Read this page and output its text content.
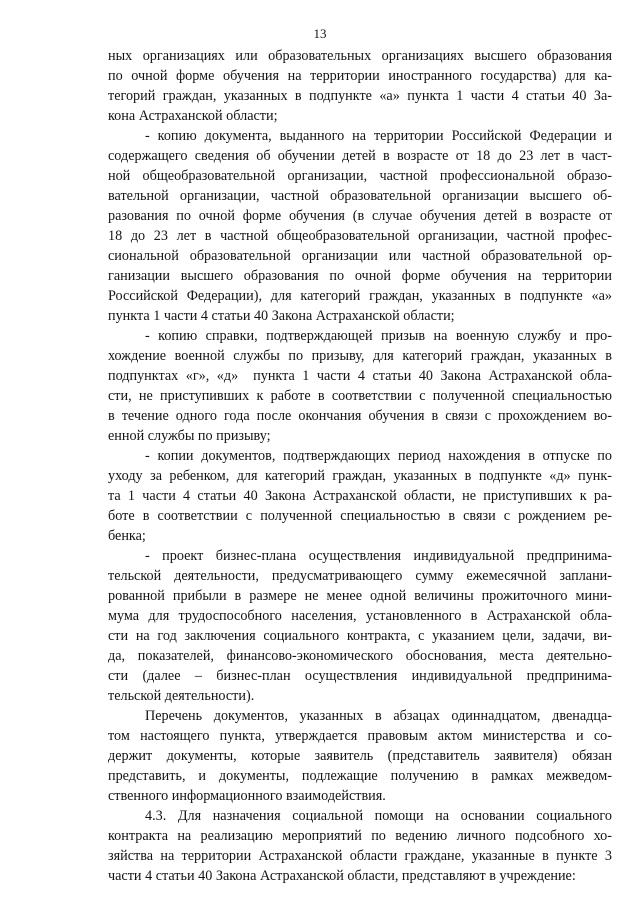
13
ных организациях или образовательных организациях высшего образования
по очной форме обучения на территории иностранного государства) для ка-
тегорий граждан, указанных в подпункте «а» пункта 1 части 4 статьи 40 За-
кона Астраханской области;
- копию документа, выданного на территории Российской Федерации и
содержащего сведения об обучении детей в возрасте от 18 до 23 лет в част-
ной общеобразовательной организации, частной профессиональной образо-
вательной организации, частной образовательной организации высшего об-
разования по очной форме обучения (в случае обучения детей в возрасте от
18 до 23 лет в частной общеобразовательной организации, частной профес-
сиональной образовательной организации или частной образовательной ор-
ганизации высшего образования по очной форме обучения на территории
Российской Федерации), для категорий граждан, указанных в подпункте «а»
пункта 1 части 4 статьи 40 Закона Астраханской области;
- копию справки, подтверждающей призыв на военную службу и про-
хождение военной службы по призыву, для категорий граждан, указанных в
подпунктах «г», «д»  пункта 1 части 4 статьи 40 Закона Астраханской обла-
сти, не приступивших к работе в соответствии с полученной специальностью
в течение одного года после окончания обучения в связи с прохождением во-
енной службы по призыву;
- копии документов, подтверждающих период нахождения в отпуске по
уходу за ребенком, для категорий граждан, указанных в подпункте «д» пунк-
та 1 части 4 статьи 40 Закона Астраханской области, не приступивших к ра-
боте в соответствии с полученной специальностью в связи с рождением ре-
бенка;
- проект бизнес-плана осуществления индивидуальной предпринима-
тельской деятельности, предусматривающего сумму ежемесячной заплани-
рованной прибыли в размере не менее одной величины прожиточного мини-
мума для трудоспособного населения, установленного в Астраханской обла-
сти на год заключения социального контракта, с указанием цели, задачи, ви-
да, показателей, финансово-экономического обоснования, места деятельно-
сти (далее – бизнес-план осуществления индивидуальной предпринима-
тельской деятельности).
Перечень документов, указанных в абзацах одиннадцатом, двенадца-
том настоящего пункта, утверждается правовым актом министерства и со-
держит документы, которые заявитель (представитель заявителя) обязан
представить, и документы, подлежащие получению в рамках межведом-
ственного информационного взаимодействия.
4.3. Для назначения социальной помощи на основании социального
контракта на реализацию мероприятий по ведению личного подсобного хо-
зяйства на территории Астраханской области граждане, указанные в пункте 3
части 4 статьи 40 Закона Астраханской области, представляют в учреждение:
